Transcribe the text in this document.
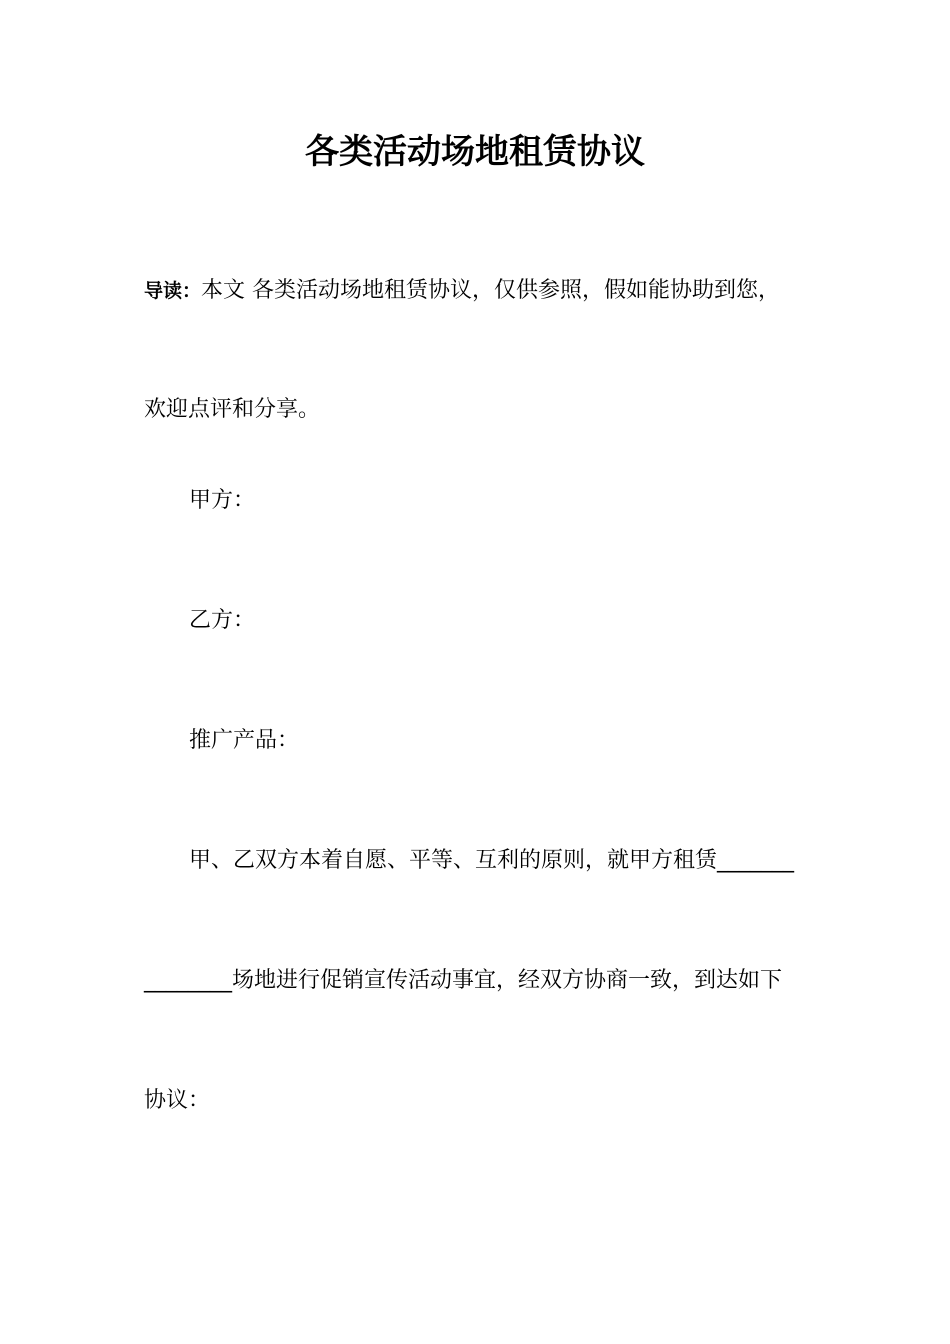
各类活动场地租赁协议
导读：本文 各类活动场地租赁协议，仅供参照，假如能协助到您，
欢迎点评和分享。
甲方：
乙方：
推广产品：
甲、乙双方本着自愿、平等、互利的原则，就甲方租赁_______
________场地进行促销宣传活动事宜，经双方协商一致，到达如下
协议：
